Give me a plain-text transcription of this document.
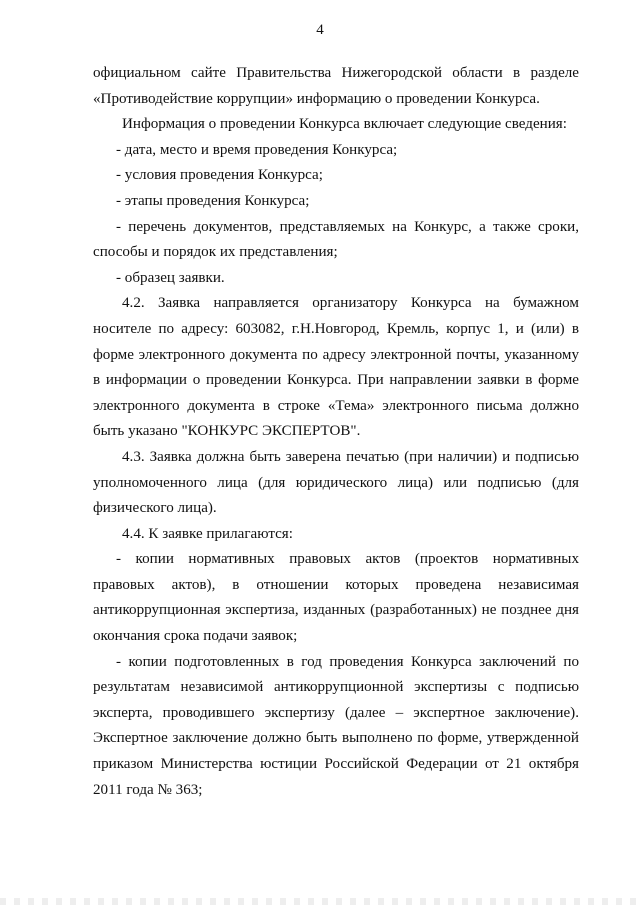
4

официальном сайте Правительства Нижегородской области в разделе «Противодействие коррупции» информацию о проведении Конкурса.

Информация о проведении Конкурса включает следующие сведения:

- дата, место и время проведения Конкурса;

- условия проведения Конкурса;

- этапы проведения Конкурса;

- перечень документов, представляемых на Конкурс, а также сроки, способы и порядок их представления;

- образец заявки.

4.2. Заявка направляется организатору Конкурса на бумажном носителе по адресу: 603082, г.Н.Новгород, Кремль, корпус 1, и (или) в форме электронного документа по адресу электронной почты, указанному в информации о проведении Конкурса. При направлении заявки в форме электронного документа в строке «Тема» электронного письма должно быть указано "КОНКУРС ЭКСПЕРТОВ".

4.3. Заявка должна быть заверена печатью (при наличии) и подписью уполномоченного лица (для юридического лица) или подписью (для физического лица).

4.4. К заявке прилагаются:

- копии нормативных правовых актов (проектов нормативных правовых актов), в отношении которых проведена независимая антикоррупционная экспертиза, изданных (разработанных) не позднее дня окончания срока подачи заявок;

- копии подготовленных в год проведения Конкурса заключений по результатам независимой антикоррупционной экспертизы с подписью эксперта, проводившего экспертизу (далее – экспертное заключение). Экспертное заключение должно быть выполнено по форме, утвержденной приказом Министерства юстиции Российской Федерации от 21 октября 2011 года № 363;
